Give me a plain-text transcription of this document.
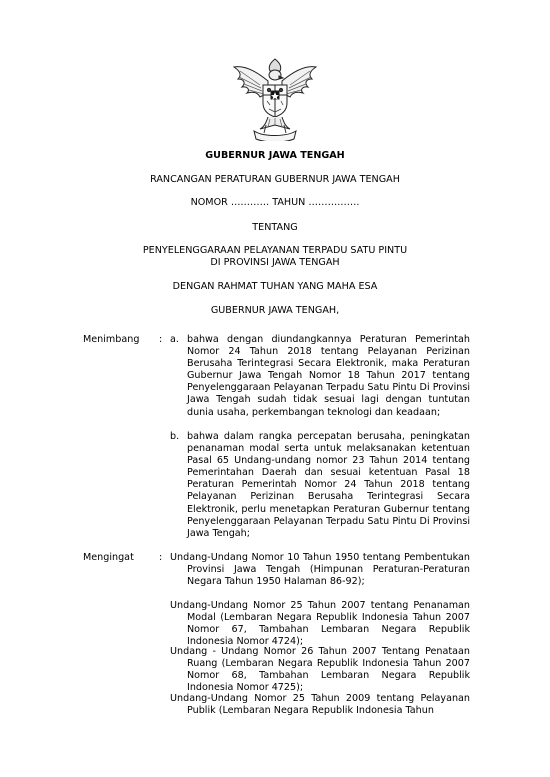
GUBERNUR JAWA TENGAH
RANCANGAN PERATURAN GUBERNUR JAWA TENGAH
NOMOR ………… TAHUN …………….
TENTANG
PENYELENGGARAAN PELAYANAN TERPADU SATU PINTU
DI PROVINSI JAWA TENGAH
DENGAN RAHMAT TUHAN YANG MAHA ESA
GUBERNUR JAWA TENGAH,
Menimbang : a. bahwa dengan diundangkannya Peraturan Pemerintah Nomor 24 Tahun 2018 tentang Pelayanan Perizinan Berusaha Terintegrasi Secara Elektronik, maka Peraturan Gubernur Jawa Tengah Nomor 18 Tahun 2017 tentang Penyelenggaraan Pelayanan Terpadu Satu Pintu Di Provinsi Jawa Tengah sudah tidak sesuai lagi dengan tuntutan dunia usaha, perkembangan teknologi dan keadaan;
b. bahwa dalam rangka percepatan berusaha, peningkatan penanaman modal serta untuk melaksanakan ketentuan Pasal 65 Undang-undang nomor 23 Tahun 2014 tentang Pemerintahan Daerah dan sesuai ketentuan Pasal 18 Peraturan Pemerintah Nomor 24 Tahun 2018 tentang Pelayanan Perizinan Berusaha Terintegrasi Secara Elektronik, perlu menetapkan Peraturan Gubernur tentang Penyelenggaraan Pelayanan Terpadu Satu Pintu Di Provinsi Jawa Tengah;
Mengingat	: Undang-Undang Nomor 10 Tahun 1950 tentang Pembentukan Provinsi Jawa Tengah (Himpunan Peraturan-Peraturan Negara Tahun 1950 Halaman 86-92);
Undang-Undang Nomor 25 Tahun 2007 tentang Penanaman Modal (Lembaran Negara Republik Indonesia Tahun 2007 Nomor 67, Tambahan Lembaran Negara Republik Indonesia Nomor 4724);
Undang - Undang Nomor 26 Tahun 2007 Tentang Penataan Ruang (Lembaran Negara Republik Indonesia Tahun 2007 Nomor 68, Tambahan Lembaran Negara Republik Indonesia Nomor 4725);
Undang-Undang Nomor 25 Tahun 2009 tentang Pelayanan Publik (Lembaran Negara Republik Indonesia Tahun
